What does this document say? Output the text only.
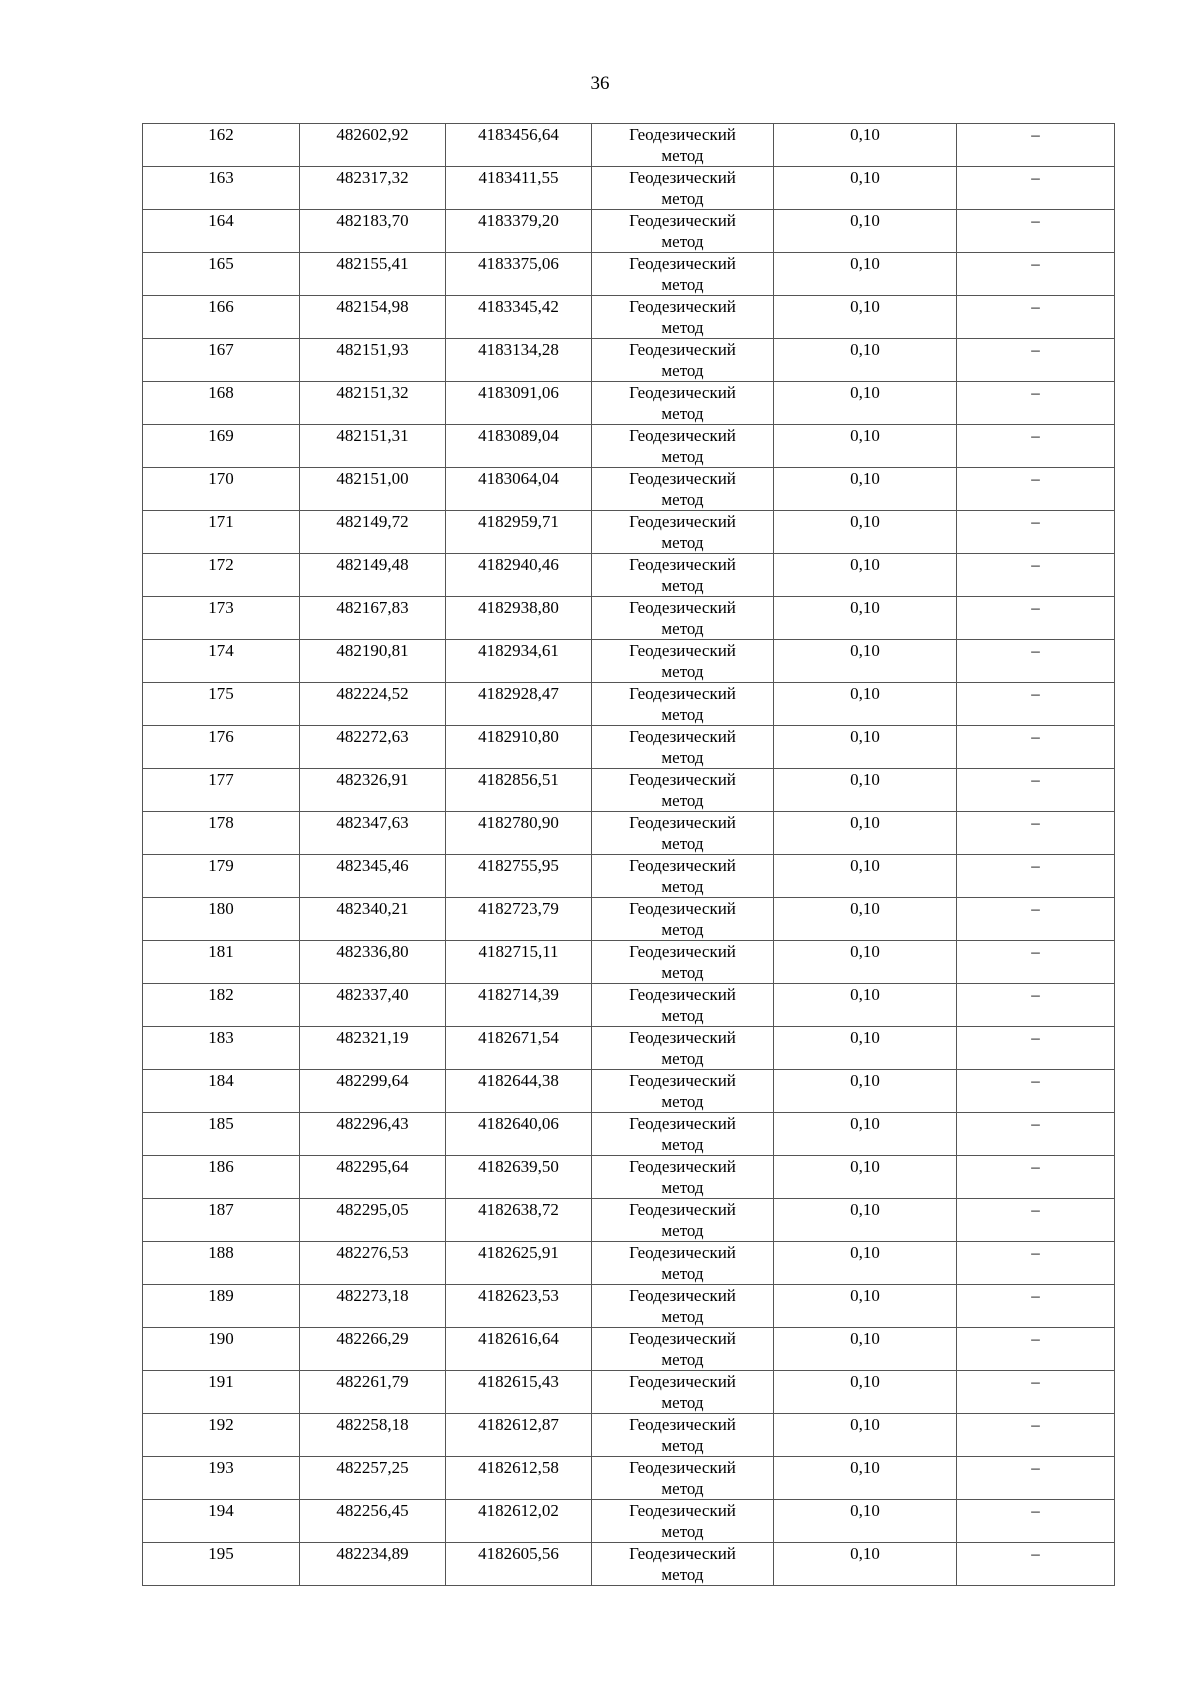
36
162	482602,92	4183456,64	Геодезический
метод	0,10	–
163	482317,32	4183411,55	Геодезический
метод	0,10	–
164	482183,70	4183379,20	Геодезический
метод	0,10	–
165	482155,41	4183375,06	Геодезический
метод	0,10	–
166	482154,98	4183345,42	Геодезический
метод	0,10	–
167	482151,93	4183134,28	Геодезический
метод	0,10	–
168	482151,32	4183091,06	Геодезический
метод	0,10	–
169	482151,31	4183089,04	Геодезический
метод	0,10	–
170	482151,00	4183064,04	Геодезический
метод	0,10	–
171	482149,72	4182959,71	Геодезический
метод	0,10	–
172	482149,48	4182940,46	Геодезический
метод	0,10	–
173	482167,83	4182938,80	Геодезический
метод	0,10	–
174	482190,81	4182934,61	Геодезический
метод	0,10	–
175	482224,52	4182928,47	Геодезический
метод	0,10	–
176	482272,63	4182910,80	Геодезический
метод	0,10	–
177	482326,91	4182856,51	Геодезический
метод	0,10	–
178	482347,63	4182780,90	Геодезический
метод	0,10	–
179	482345,46	4182755,95	Геодезический
метод	0,10	–
180	482340,21	4182723,79	Геодезический
метод	0,10	–
181	482336,80	4182715,11	Геодезический
метод	0,10	–
182	482337,40	4182714,39	Геодезический
метод	0,10	–
183	482321,19	4182671,54	Геодезический
метод	0,10	–
184	482299,64	4182644,38	Геодезический
метод	0,10	–
185	482296,43	4182640,06	Геодезический
метод	0,10	–
186	482295,64	4182639,50	Геодезический
метод	0,10	–
187	482295,05	4182638,72	Геодезический
метод	0,10	–
188	482276,53	4182625,91	Геодезический
метод	0,10	–
189	482273,18	4182623,53	Геодезический
метод	0,10	–
190	482266,29	4182616,64	Геодезический
метод	0,10	–
191	482261,79	4182615,43	Геодезический
метод	0,10	–
192	482258,18	4182612,87	Геодезический
метод	0,10	–
193	482257,25	4182612,58	Геодезический
метод	0,10	–
194	482256,45	4182612,02	Геодезический
метод	0,10	–
195	482234,89	4182605,56	Геодезический
метод	0,10	–
